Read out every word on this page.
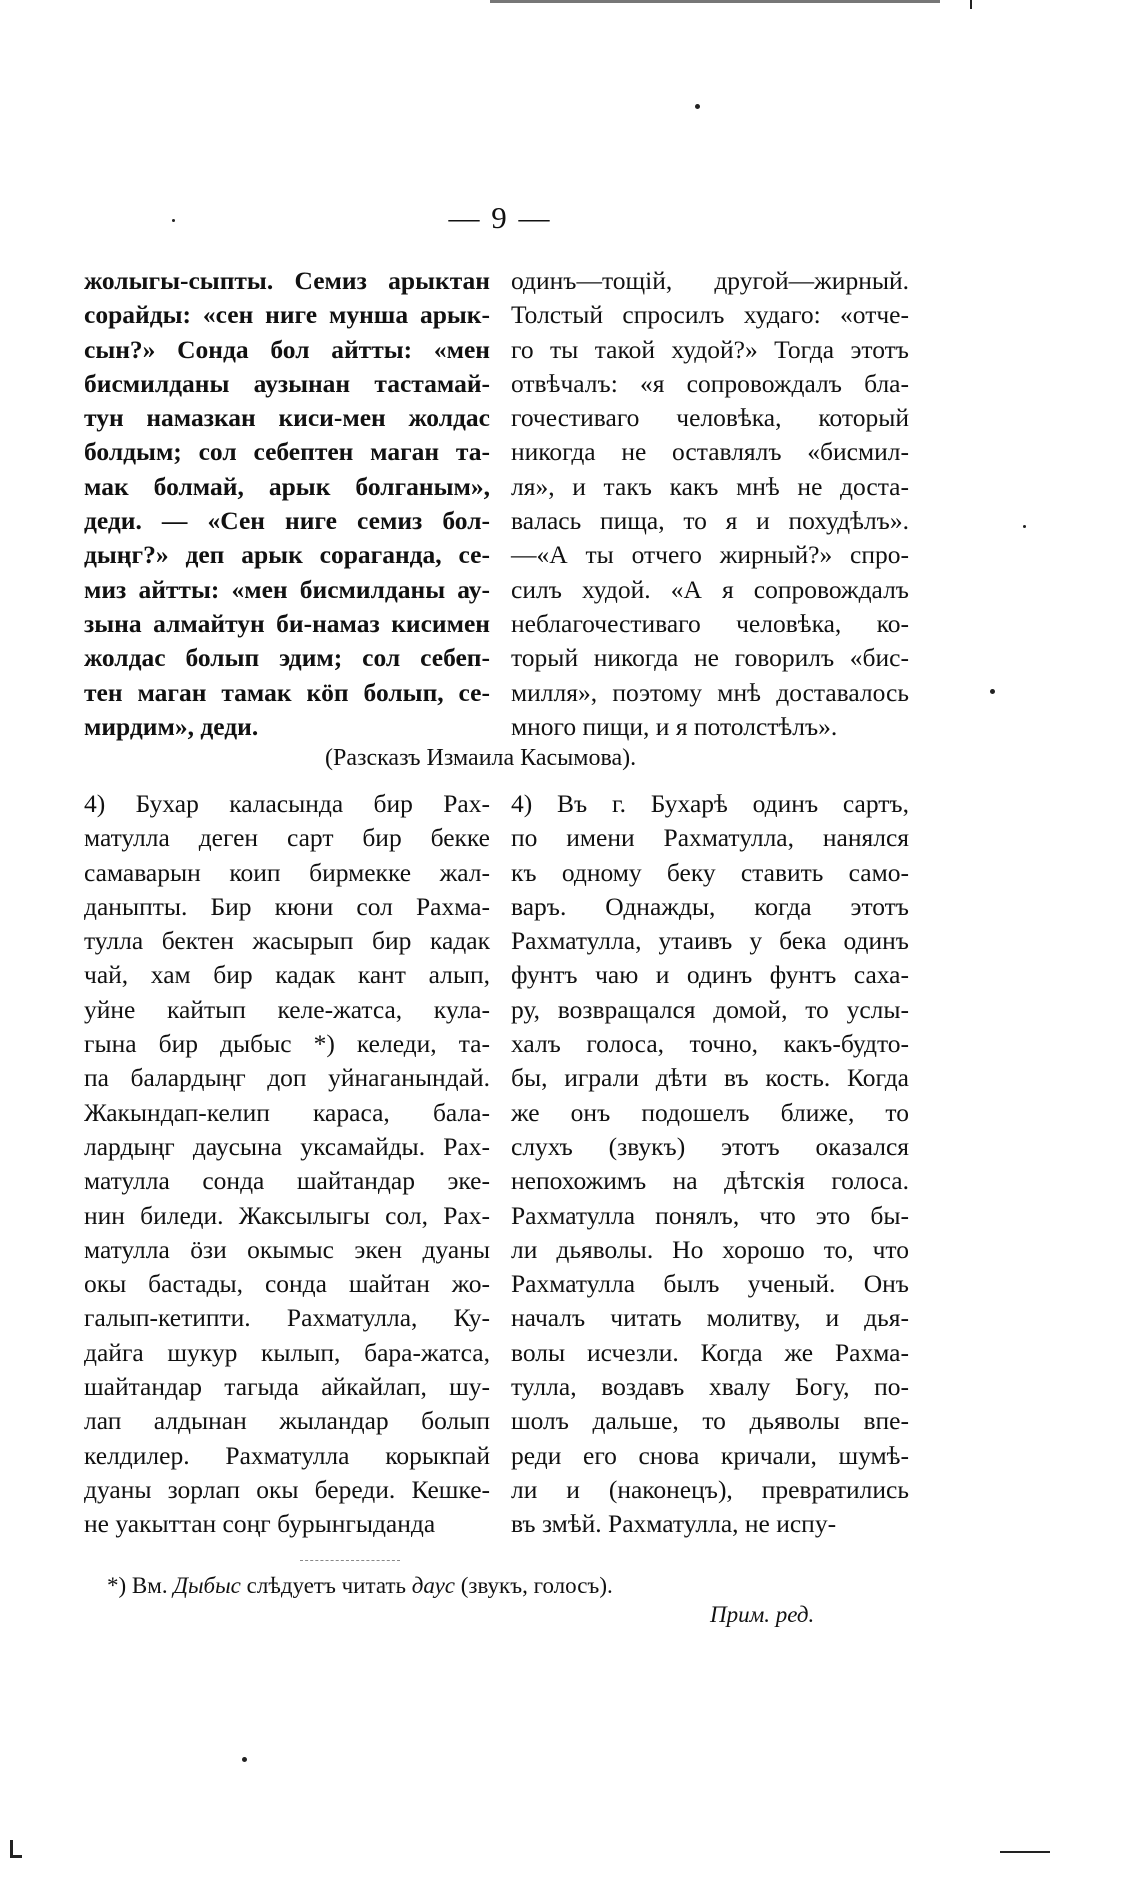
— 9 —
жолыгы-сыпты. Семиз арыктан
сорайды: «сен ниге мунша арык-
сын?» Сонда бол айтты: «мен
бисмилданы аузынан тастамай-
тун намазкан киси-мен жолдас
болдым; сол себептен маган та-
мак болмай, арык болганым»,
деди. — «Сен ниге семиз бол-
дыңг?» деп арык сораганда, се-
миз айтты: «мен бисмилданы ау-
зына алмайтун би-намаз кисимен
жолдас болып эдим; сол себеп-
тен маган тамак кӧп болып, се-
мирдим», деди.
одинъ—тощій, другой—жирный.
Толстый спросилъ худаго: «отче-
го ты такой худой?» Тогда этотъ
отвѣчалъ: «я сопровождалъ бла-
гочестиваго человѣка, который
никогда не оставлялъ «бисмил-
ля», и такъ какъ мнѣ не доста-
валась пища, то я и похудѣлъ».
—«А ты отчего жирный?» спро-
силъ худой. «А я сопровождалъ
неблагочестиваго человѣка, ко-
торый никогда не говорилъ «бис-
милля», поэтому мнѣ доставалось
много пищи, и я потолстѣлъ».
(Разсказъ Измаила Касымова).
4) Бухар каласында бир Рах-
матулла деген сарт бир бекке
самаварын коип бирмекке жал-
даныпты. Бир кюни сол Рахма-
тулла бектен жасырып бир кадак
чай, хам бир кадак кант алып,
уйне кайтып келе-жатса, кула-
гына бир дыбыс *) келеди, та-
па балардыңг доп уйнаганындай.
Жакындап-келип караса, бала-
лардыңг даусына уксамайды. Рах-
матулла сонда шайтандар эке-
нин биледи. Жаксылыгы сол, Рах-
матулла ӧзи окымыс экен дуаны
окы бастады, сонда шайтан жо-
галып-кетипти. Рахматулла, Ку-
дайга шукур кылып, бара-жатса,
шайтандар тагыда айкайлап, шу-
лап алдынан жыландар болып
келдилер. Рахматулла корыкпай
дуаны зорлап окы береди. Кешке-
не уакыттан соңг бурынгыданда
4) Въ г. Бухарѣ одинъ сартъ,
по имени Рахматулла, нанялся
къ одному беку ставить само-
варъ. Однажды, когда этотъ
Рахматулла, утаивъ у бека одинъ
фунтъ чаю и одинъ фунтъ саха-
ру, возвращался домой, то услы-
халъ голоса, точно, какъ-будто-
бы, играли дѣти въ кость. Когда
же онъ подошелъ ближе, то
слухъ (звукъ) этотъ оказался
непохожимъ на дѣтскія голоса.
Рахматулла понялъ, что это бы-
ли дьяволы. Но хорошо то, что
Рахматулла былъ ученый. Онъ
началъ читать молитву, и дья-
волы исчезли. Когда же Рахма-
тулла, воздавъ хвалу Богу, по-
шолъ дальше, то дьяволы впе-
реди его снова кричали, шумѣ-
ли и (наконецъ), превратились
въ змѣй. Рахматулла, не испу-
*) Вм. Дыбыс слѣдуетъ читать даус (звукъ, голосъ).
Прим. ред.
